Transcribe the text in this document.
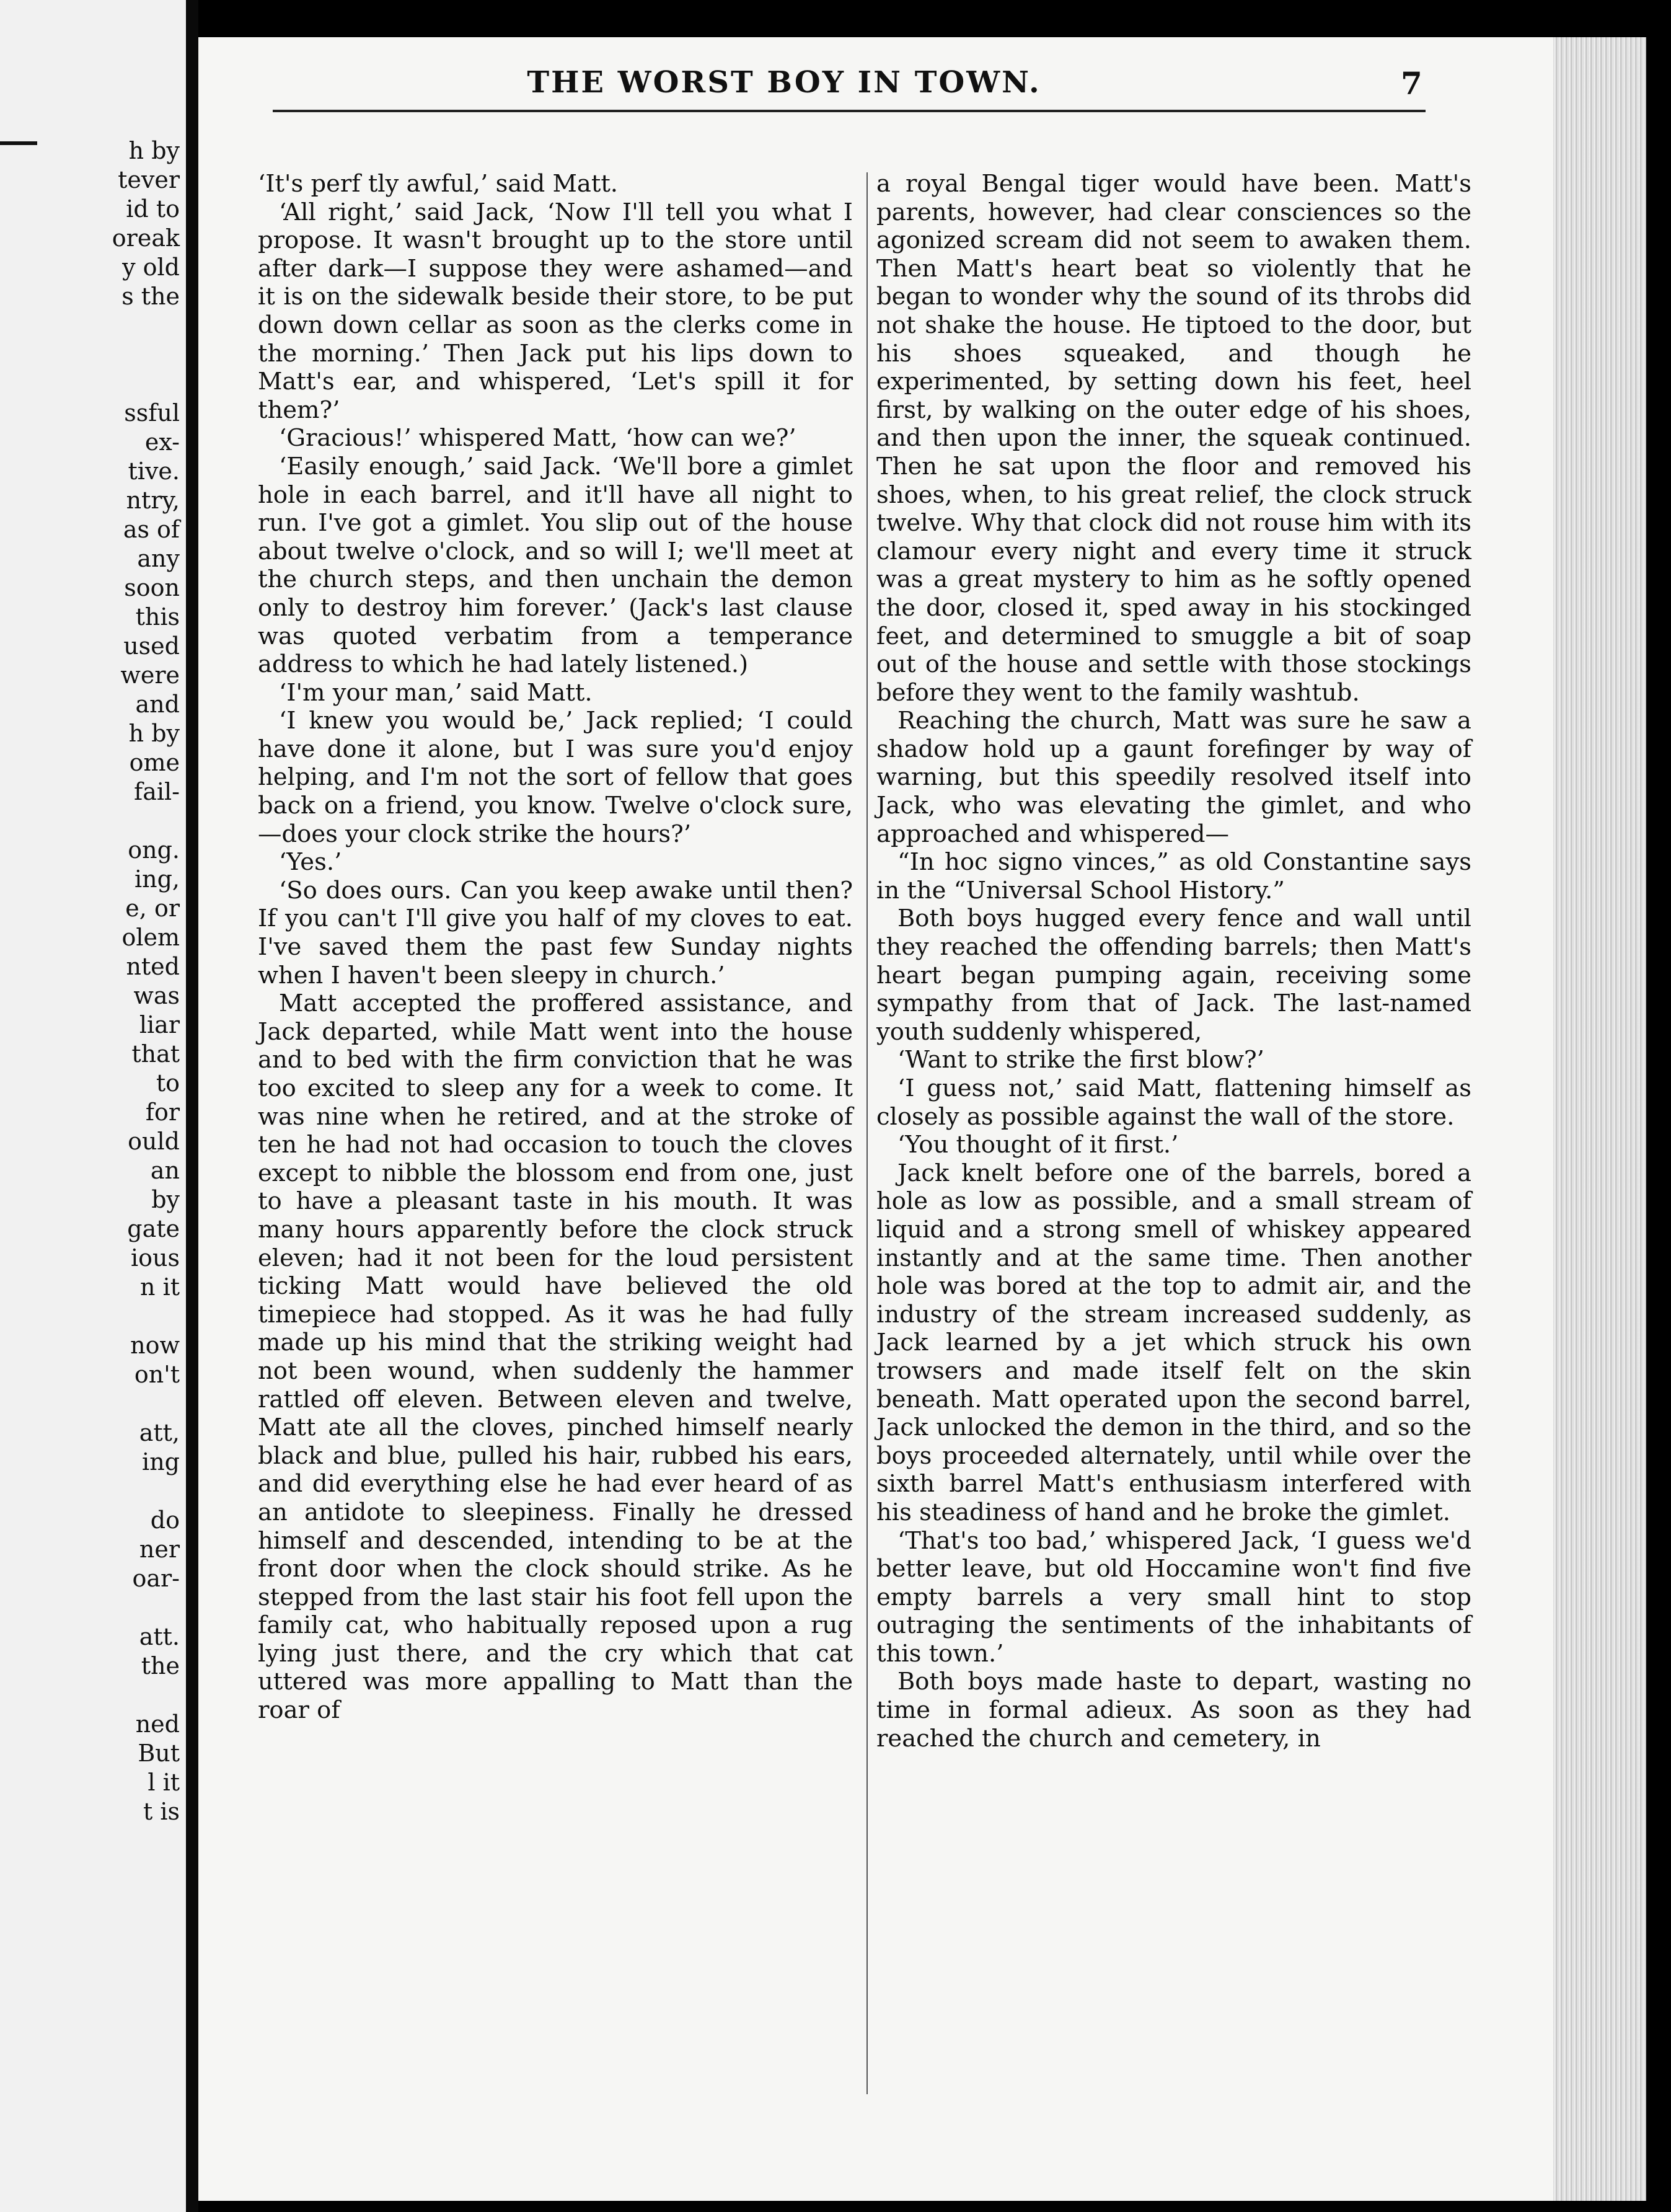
h by
tever
id to
oreak
y old
s the
ssful
ex-
tive.
ntry,
as of
any
soon
this
used
were
and
h by
ome
fail-
ong.
ing,
e, or
olem
nted
was
liar
that
to
for
ould
an
by
gate
ious
n it
now
on't
att,
ing
do
ner
oar-
att.
the
ned
But
l it
t is
THE WORST BOY IN TOWN.	7

‘It's perf tly awful,’ said Matt.

‘All right,’ said Jack, ‘Now I'll tell you what I propose. It wasn't brought up to the store until after dark—I suppose they were ashamed—and it is on the sidewalk beside their store, to be put down down cellar as soon as the clerks come in the morning.’ Then Jack put his lips down to Matt's ear, and whispered, ‘Let's spill it for them?’

‘Gracious!’ whispered Matt, ‘how can we?’

‘Easily enough,’ said Jack. ‘We'll bore a gimlet hole in each barrel, and it'll have all night to run. I've got a gimlet. You slip out of the house about twelve o'clock, and so will I; we'll meet at the church steps, and then unchain the demon only to destroy him forever.’ (Jack's last clause was quoted verbatim from a temperance address to which he had lately listened.)

‘I'm your man,’ said Matt.

‘I knew you would be,’ Jack replied; ‘I could have done it alone, but I was sure you'd enjoy helping, and I'm not the sort of fellow that goes back on a friend, you know. Twelve o'clock sure,—does your clock strike the hours?’

‘Yes.’

‘So does ours. Can you keep awake until then? If you can't I'll give you half of my cloves to eat. I've saved them the past few Sunday nights when I haven't been sleepy in church.’

Matt accepted the proffered assistance, and Jack departed, while Matt went into the house and to bed with the firm conviction that he was too excited to sleep any for a week to come. It was nine when he retired, and at the stroke of ten he had not had occasion to touch the cloves except to nibble the blossom end from one, just to have a pleasant taste in his mouth. It was many hours apparently before the clock struck eleven; had it not been for the loud persistent ticking Matt would have believed the old timepiece had stopped. As it was he had fully made up his mind that the striking weight had not been wound, when suddenly the hammer rattled off eleven. Between eleven and twelve, Matt ate all the cloves, pinched himself nearly black and blue, pulled his hair, rubbed his ears, and did everything else he had ever heard of as an antidote to sleepiness. Finally he dressed himself and descended, intending to be at the front door when the clock should strike. As he stepped from the last stair his foot fell upon the family cat, who habitually reposed upon a rug lying just there, and the cry which that cat uttered was more appalling to Matt than the roar of

a royal Bengal tiger would have been. Matt's parents, however, had clear consciences so the agonized scream did not seem to awaken them. Then Matt's heart beat so violently that he began to wonder why the sound of its throbs did not shake the house. He tiptoed to the door, but his shoes squeaked, and though he experimented, by setting down his feet, heel first, by walking on the outer edge of his shoes, and then upon the inner, the squeak continued. Then he sat upon the floor and removed his shoes, when, to his great relief, the clock struck twelve. Why that clock did not rouse him with its clamour every night and every time it struck was a great mystery to him as he softly opened the door, closed it, sped away in his stockinged feet, and determined to smuggle a bit of soap out of the house and settle with those stockings before they went to the family washtub.

Reaching the church, Matt was sure he saw a shadow hold up a gaunt forefinger by way of warning, but this speedily resolved itself into Jack, who was elevating the gimlet, and who approached and whispered—

“In hoc signo vinces,” as old Constantine says in the “Universal School History.”

Both boys hugged every fence and wall until they reached the offending barrels; then Matt's heart began pumping again, receiving some sympathy from that of Jack. The last-named youth suddenly whispered,

‘Want to strike the first blow?’

‘I guess not,’ said Matt, flattening himself as closely as possible against the wall of the store.

‘You thought of it first.’

Jack knelt before one of the barrels, bored a hole as low as possible, and a small stream of liquid and a strong smell of whiskey appeared instantly and at the same time. Then another hole was bored at the top to admit air, and the industry of the stream increased suddenly, as Jack learned by a jet which struck his own trowsers and made itself felt on the skin beneath. Matt operated upon the second barrel, Jack unlocked the demon in the third, and so the boys proceeded alternately, until while over the sixth barrel Matt's enthusiasm interfered with his steadiness of hand and he broke the gimlet.

‘That's too bad,’ whispered Jack, ‘I guess we'd better leave, but old Hoccamine won't find five empty barrels a very small hint to stop outraging the sentiments of the inhabitants of this town.’

Both boys made haste to depart, wasting no time in formal adieux. As soon as they had reached the church and cemetery, in
